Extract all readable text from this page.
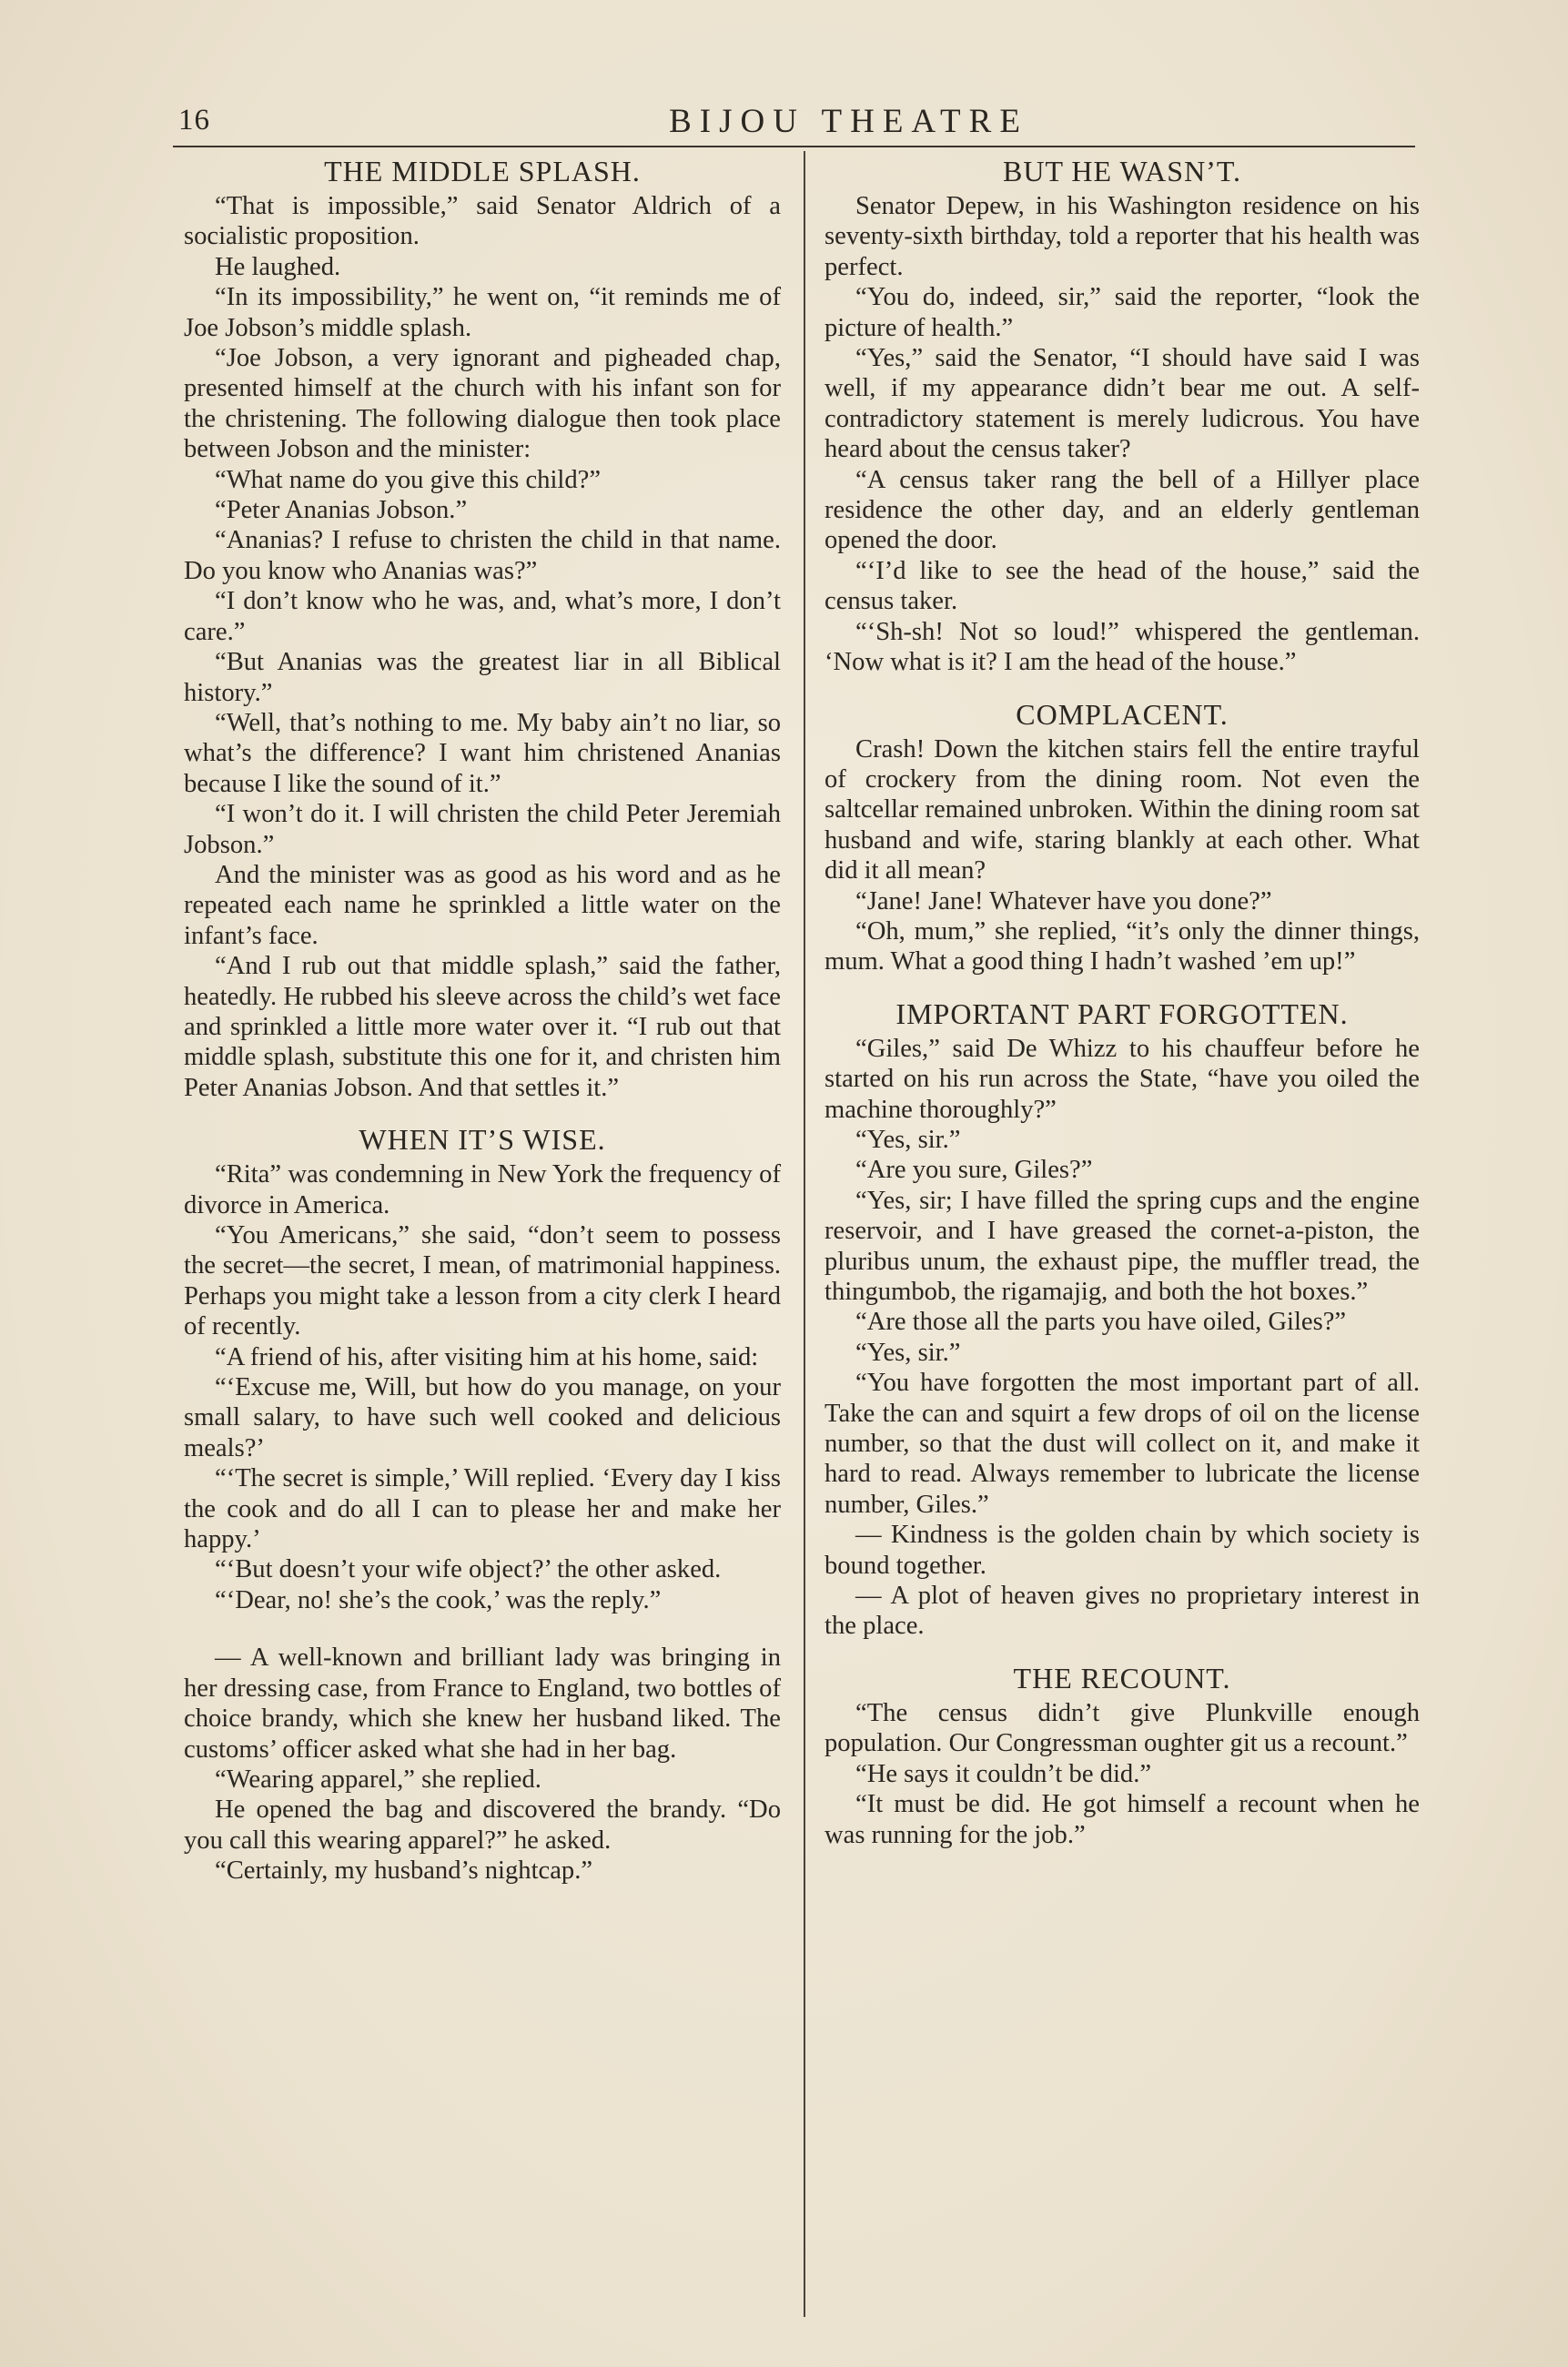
16	BIJOU THEATRE
THE MIDDLE SPLASH.

“That is impossible,” said Senator Aldrich of a socialistic proposition.

He laughed.

“In its impossibility,” he went on, “it reminds me of Joe Jobson’s middle splash.

“Joe Jobson, a very ignorant and pigheaded chap, presented himself at the church with his infant son for the christening. The following dialogue then took place between Jobson and the minister:

“What name do you give this child?”

“Peter Ananias Jobson.”

“Ananias? I refuse to christen the child in that name. Do you know who Ananias was?”

“I don’t know who he was, and, what’s more, I don’t care.”

“But Ananias was the greatest liar in all Biblical history.”

“Well, that’s nothing to me. My baby ain’t no liar, so what’s the difference? I want him christened Ananias because I like the sound of it.”

“I won’t do it. I will christen the child Peter Jeremiah Jobson.”

And the minister was as good as his word and as he repeated each name he sprinkled a little water on the infant’s face.

“And I rub out that middle splash,” said the father, heatedly. He rubbed his sleeve across the child’s wet face and sprinkled a little more water over it. “I rub out that middle splash, substitute this one for it, and christen him Peter Ananias Jobson. And that settles it.”

WHEN IT’S WISE.

“Rita” was condemning in New York the frequency of divorce in America.

“You Americans,” she said, “don’t seem to possess the secret—the secret, I mean, of matrimonial happiness. Perhaps you might take a lesson from a city clerk I heard of recently.

“A friend of his, after visiting him at his home, said:

“‘Excuse me, Will, but how do you manage, on your small salary, to have such well cooked and delicious meals?’

“‘The secret is simple,’ Will replied. ‘Every day I kiss the cook and do all I can to please her and make her happy.’

“‘But doesn’t your wife object?’ the other asked.

“‘Dear, no! she’s the cook,’ was the reply.”

— A well-known and brilliant lady was bringing in her dressing case, from France to England, two bottles of choice brandy, which she knew her husband liked. The customs’ officer asked what she had in her bag.

“Wearing apparel,” she replied.

He opened the bag and discovered the brandy. “Do you call this wearing apparel?” he asked.

“Certainly, my husband’s nightcap.”

BUT HE WASN’T.

Senator Depew, in his Washington residence on his seventy-sixth birthday, told a reporter that his health was perfect.

“You do, indeed, sir,” said the reporter, “look the picture of health.”

“Yes,” said the Senator, “I should have said I was well, if my appearance didn’t bear me out. A self-contradictory statement is merely ludicrous. You have heard about the census taker?

“A census taker rang the bell of a Hillyer place residence the other day, and an elderly gentleman opened the door.

“‘I’d like to see the head of the house,” said the census taker.

“‘Sh-sh! Not so loud!” whispered the gentleman. ‘Now what is it? I am the head of the house.”

COMPLACENT.

Crash! Down the kitchen stairs fell the entire trayful of crockery from the dining room. Not even the saltcellar remained unbroken. Within the dining room sat husband and wife, staring blankly at each other. What did it all mean?

“Jane! Jane! Whatever have you done?”

“Oh, mum,” she replied, “it’s only the dinner things, mum. What a good thing I hadn’t washed ’em up!”

IMPORTANT PART FORGOTTEN.

“Giles,” said De Whizz to his chauffeur before he started on his run across the State, “have you oiled the machine thoroughly?”

“Yes, sir.”

“Are you sure, Giles?”

“Yes, sir; I have filled the spring cups and the engine reservoir, and I have greased the cornet-a-piston, the pluribus unum, the exhaust pipe, the muffler tread, the thingumbob, the rigamajig, and both the hot boxes.”

“Are those all the parts you have oiled, Giles?”

“Yes, sir.”

“You have forgotten the most important part of all. Take the can and squirt a few drops of oil on the license number, so that the dust will collect on it, and make it hard to read. Always remember to lubricate the license number, Giles.”

— Kindness is the golden chain by which society is bound together.

— A plot of heaven gives no proprietary interest in the place.

THE RECOUNT.

“The census didn’t give Plunkville enough population. Our Congressman oughter git us a recount.”

“He says it couldn’t be did.”

“It must be did. He got himself a recount when he was running for the job.”
